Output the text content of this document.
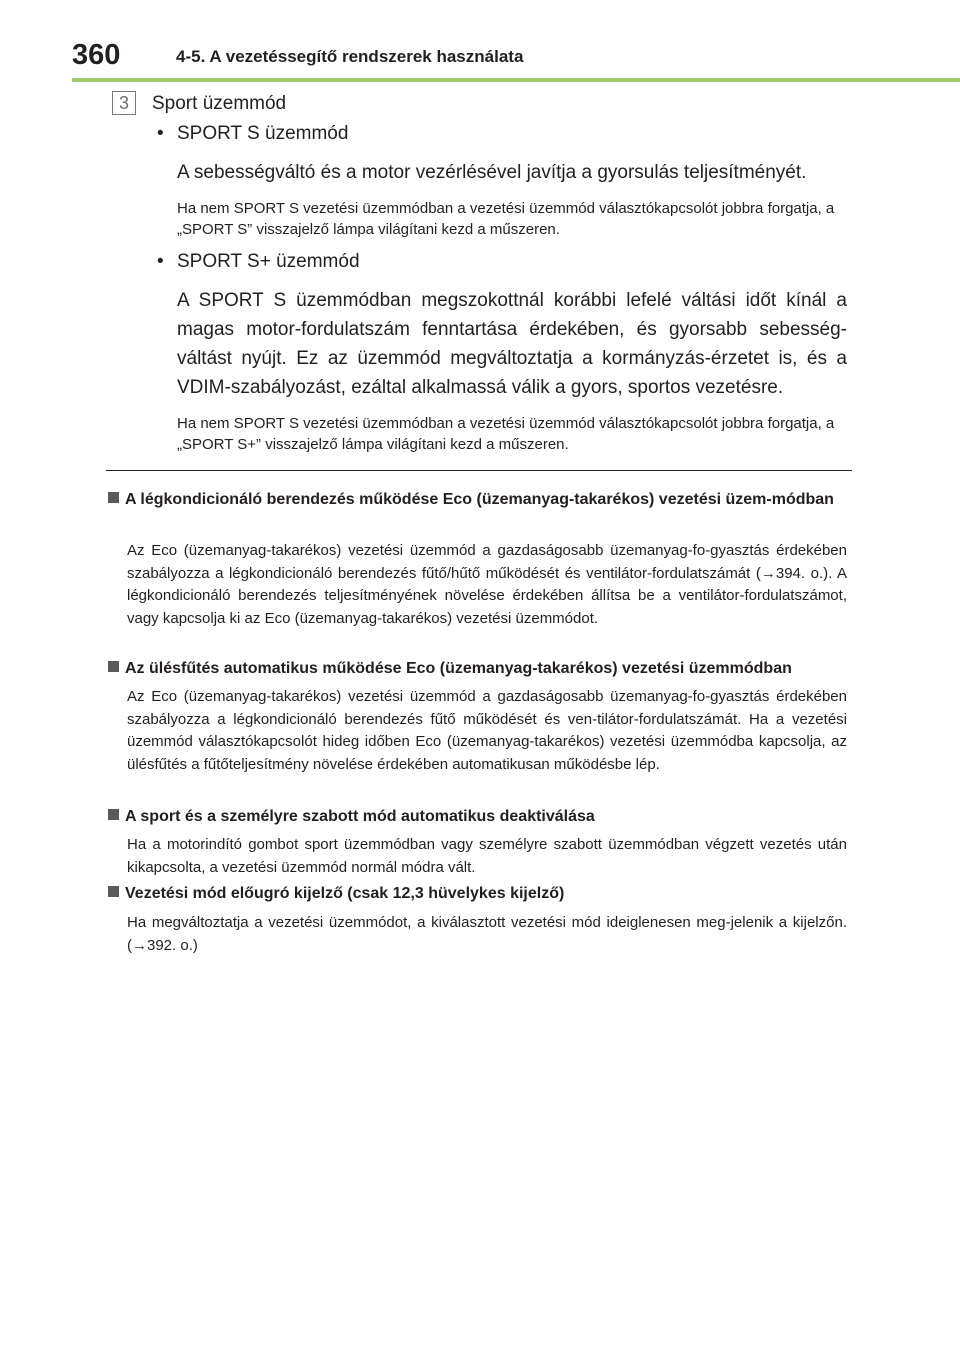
360	4-5. A vezetéssegítő rendszerek használata
3	Sport üzemmód
• SPORT S üzemmód

A sebességváltó és a motor vezérlésével javítja a gyorsulás teljesítményét.

Ha nem SPORT S vezetési üzemmódban a vezetési üzemmód választókapcsolót jobbra forgatja, a „SPORT S” visszajelző lámpa világítani kezd a műszeren.

• SPORT S+ üzemmód

A SPORT S üzemmódban megszokottnál korábbi lefelé váltási időt kínál a magas motor-fordulatszám fenntartása érdekében, és gyorsabb sebesség-váltást nyújt. Ez az üzemmód megváltoztatja a kormányzás-érzetet is, és a VDIM-szabályozást, ezáltal alkalmassá válik a gyors, sportos vezetésre.

Ha nem SPORT S vezetési üzemmódban a vezetési üzemmód választókapcsolót jobbra forgatja, a „SPORT S+” visszajelző lámpa világítani kezd a műszeren.

A légkondicionáló berendezés működése Eco (üzemanyag-takarékos) vezetési üzem-módban

Az Eco (üzemanyag-takarékos) vezetési üzemmód a gazdaságosabb üzemanyag-fo-gyasztás érdekében szabályozza a légkondicionáló berendezés fűtő/hűtő működését és ventilátor-fordulatszámát (→394. o.). A légkondicionáló berendezés teljesítményének növelése érdekében állítsa be a ventilátor-fordulatszámot, vagy kapcsolja ki az Eco (üzemanyag-takarékos) vezetési üzemmódot.

Az ülésfűtés automatikus működése Eco (üzemanyag-takarékos) vezetési üzemmódban

Az Eco (üzemanyag-takarékos) vezetési üzemmód a gazdaságosabb üzemanyag-fo-gyasztás érdekében szabályozza a légkondicionáló berendezés fűtő működését és ven-tilátor-fordulatszámát. Ha a vezetési üzemmód választókapcsolót hideg időben Eco (üzemanyag-takarékos) vezetési üzemmódba kapcsolja, az ülésfűtés a fűtőteljesítmény növelése érdekében automatikusan működésbe lép.

A sport és a személyre szabott mód automatikus deaktiválása

Ha a motorindító gombot sport üzemmódban vagy személyre szabott üzemmódban végzett vezetés után kikapcsolta, a vezetési üzemmód normál módra vált.

Vezetési mód előugró kijelző (csak 12,3 hüvelykes kijelző)

Ha megváltoztatja a vezetési üzemmódot, a kiválasztott vezetési mód ideiglenesen meg-jelenik a kijelzőn. (→392. o.)
